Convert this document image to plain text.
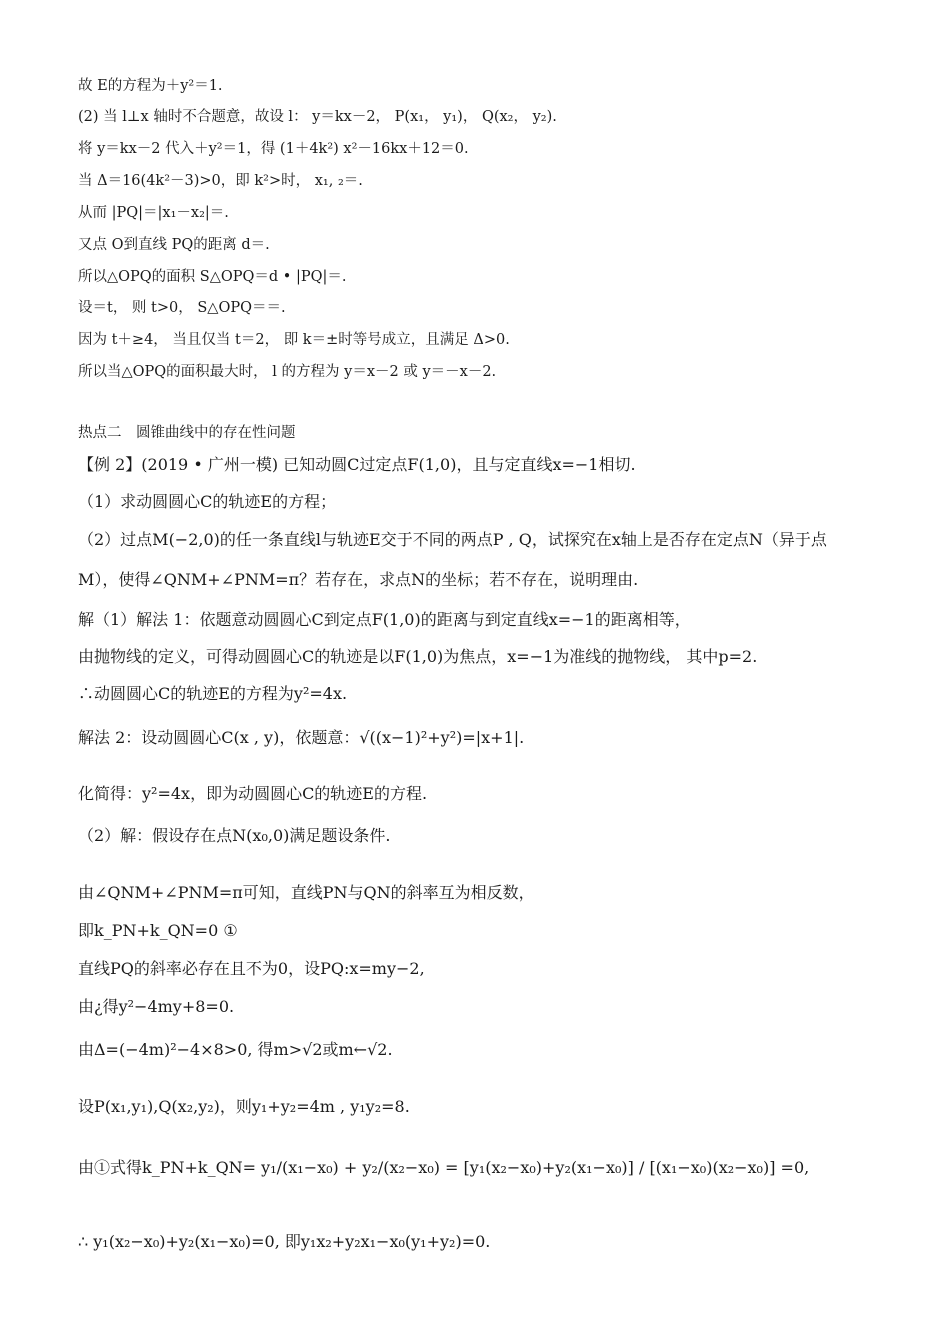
故 E的方程为＋y²＝1.
(2) 当 l⊥x 轴时不合题意，故设 l： y＝kx－2， P(x₁， y₁)， Q(x₂， y₂).
将 y＝kx－2 代入＋y²＝1，得 (1＋4k²) x²－16kx＋12＝0.
当 Δ＝16(4k²－3)>0，即 k²>时， x₁, ₂＝.
从而 |PQ|＝|x₁－x₂|＝.
又点 O到直线 PQ的距离 d＝.
所以△OPQ的面积 S△OPQ＝d • |PQ|＝.
设＝t， 则 t>0， S△OPQ＝＝.
因为 t＋≥4， 当且仅当 t＝2， 即 k＝±时等号成立，且满足 Δ>0.
所以当△OPQ的面积最大时， l 的方程为 y＝x－2 或 y＝－x－2.
热点二　圆锥曲线中的存在性问题
【例 2】(2019 • 广州一模) 已知动圆C过定点F(1,0)，且与定直线x=−1相切.
（1）求动圆圆心C的轨迹E的方程；
（2）过点M(−2,0)的任一条直线l与轨迹E交于不同的两点P , Q，试探究在x轴上是否存在定点N（异于点
M），使得∠QNM+∠PNM=π？若存在，求点N的坐标；若不存在，说明理由.
解（1）解法 1：依题意动圆圆心C到定点F(1,0)的距离与到定直线x=−1的距离相等，
由抛物线的定义，可得动圆圆心C的轨迹是以F(1,0)为焦点，x=−1为准线的抛物线， 其中p=2.
∴动圆圆心C的轨迹E的方程为y²=4x.
解法 2：设动圆圆心C(x , y)，依题意：√((x−1)²+y²)=|x+1|.
化简得：y²=4x，即为动圆圆心C的轨迹E的方程.
（2）解：假设存在点N(x₀,0)满足题设条件.
由∠QNM+∠PNM=π可知，直线PN与QN的斜率互为相反数，
即k_PN+k_QN=0 ①
直线PQ的斜率必存在且不为0，设PQ:x=my−2,
由¿得y²−4my+8=0.
由Δ=(−4m)²−4×8>0, 得m>√2或m←√2.
设P(x₁,y₁),Q(x₂,y₂)，则y₁+y₂=4m , y₁y₂=8.
由①式得k_PN+k_QN= y₁/(x₁−x₀) + y₂/(x₂−x₀) = [y₁(x₂−x₀)+y₂(x₁−x₀)] / [(x₁−x₀)(x₂−x₀)] =0,
∴ y₁(x₂−x₀)+y₂(x₁−x₀)=0, 即y₁x₂+y₂x₁−x₀(y₁+y₂)=0.
